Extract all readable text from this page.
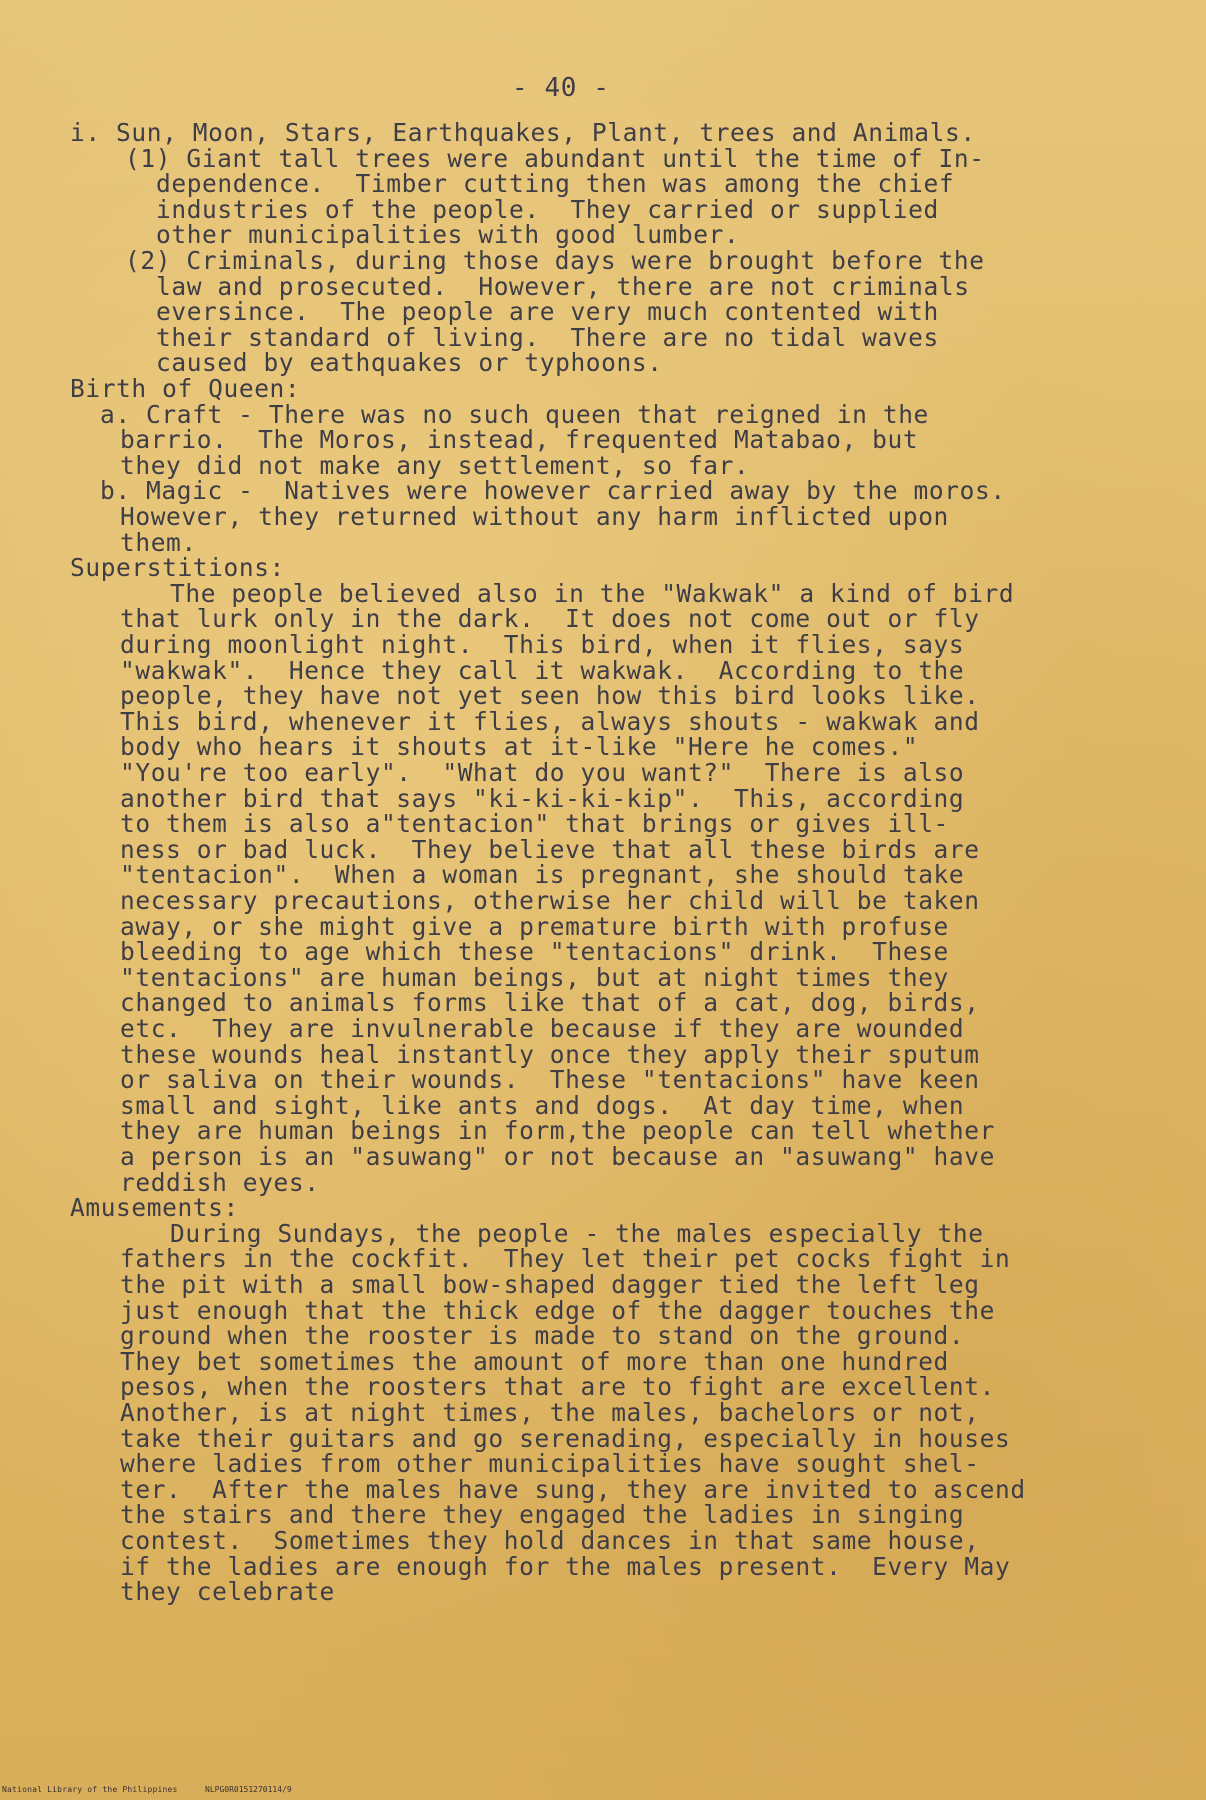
- 40 -
i. Sun, Moon, Stars, Earthquakes, Plant, trees and Animals.
(1) Giant tall trees were abundant until the time of In-
dependence.  Timber cutting then was among the chief
industries of the people.  They carried or supplied
other municipalities with good lumber.
(2) Criminals, during those days were brought before the
law and prosecuted.  However, there are not criminals
eversince.  The people are very much contented with
their standard of living.  There are no tidal waves
caused by eathquakes or typhoons.
Birth of Queen:
a. Craft - There was no such queen that reigned in the
barrio.  The Moros, instead, frequented Matabao, but
they did not make any settlement, so far.
b. Magic -  Natives were however carried away by the moros.
However, they returned without any harm inflicted upon
them.
Superstitions:
The people believed also in the "Wakwak" a kind of bird
that lurk only in the dark.  It does not come out or fly
during moonlight night.  This bird, when it flies, says
"wakwak".  Hence they call it wakwak.  According to the
people, they have not yet seen how this bird looks like.
This bird, whenever it flies, always shouts - wakwak and
body who hears it shouts at it-like "Here he comes."
"You're too early".  "What do you want?"  There is also
another bird that says "ki-ki-ki-kip".  This, according
to them is also a"tentacion" that brings or gives ill-
ness or bad luck.  They believe that all these birds are
"tentacion".  When a woman is pregnant, she should take
necessary precautions, otherwise her child will be taken
away, or she might give a premature birth with profuse
bleeding to age which these "tentacions" drink.  These
"tentacions" are human beings, but at night times they
changed to animals forms like that of a cat, dog, birds,
etc.  They are invulnerable because if they are wounded
these wounds heal instantly once they apply their sputum
or saliva on their wounds.  These "tentacions" have keen
small and sight, like ants and dogs.  At day time, when
they are human beings in form,the people can tell whether
a person is an "asuwang" or not because an "asuwang" have
reddish eyes.
Amusements:
During Sundays, the people - the males especially the
fathers in the cockfit.  They let their pet cocks fight in
the pit with a small bow-shaped dagger tied the left leg
just enough that the thick edge of the dagger touches the
ground when the rooster is made to stand on the ground.
They bet sometimes the amount of more than one hundred
pesos, when the roosters that are to fight are excellent.
Another, is at night times, the males, bachelors or not,
take their guitars and go serenading, especially in houses
where ladies from other municipalities have sought shel-
ter.  After the males have sung, they are invited to ascend
the stairs and there they engaged the ladies in singing
contest.  Sometimes they hold dances in that same house,
if the ladies are enough for the males present.  Every May
they celebrate
National Library of the Philippines	NLPG0R0151270114/9
